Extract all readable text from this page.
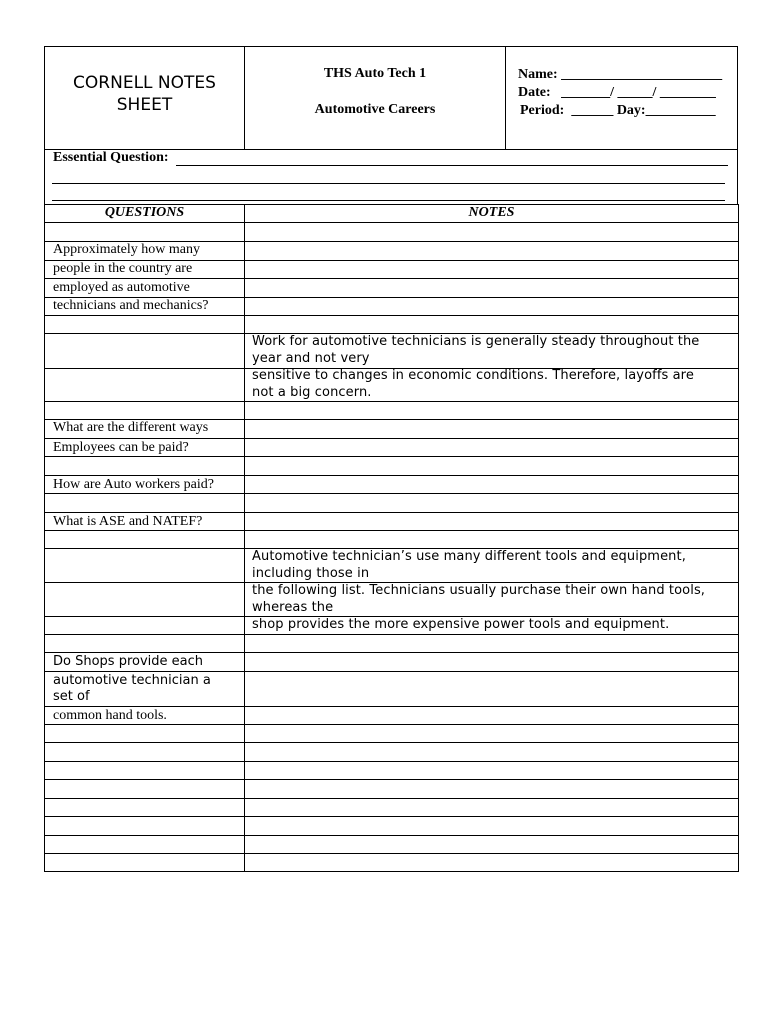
CORNELL NOTES
SHEET
THS Auto Tech 1
Automotive Careers
Name: _______________________
Date:   _______/ _____/ ________
Period:  ______ Day:__________
Essential Question:
QUESTIONS	NOTES
Approximately how many
people in the country are
employed as automotive
technicians and mechanics?
What are the different ways
Employees can be paid?
How are Auto workers paid?
What is ASE and NATEF?
Do Shops provide each
automotive technician a
set of
common hand tools.
Work for automotive technicians is generally steady throughout the
year and not very
sensitive to changes in economic conditions. Therefore, layoffs are
not a big concern.
Automotive technician’s use many different tools and equipment,
including those in
the following list. Technicians usually purchase their own hand tools,
whereas the
shop provides the more expensive power tools and equipment.
